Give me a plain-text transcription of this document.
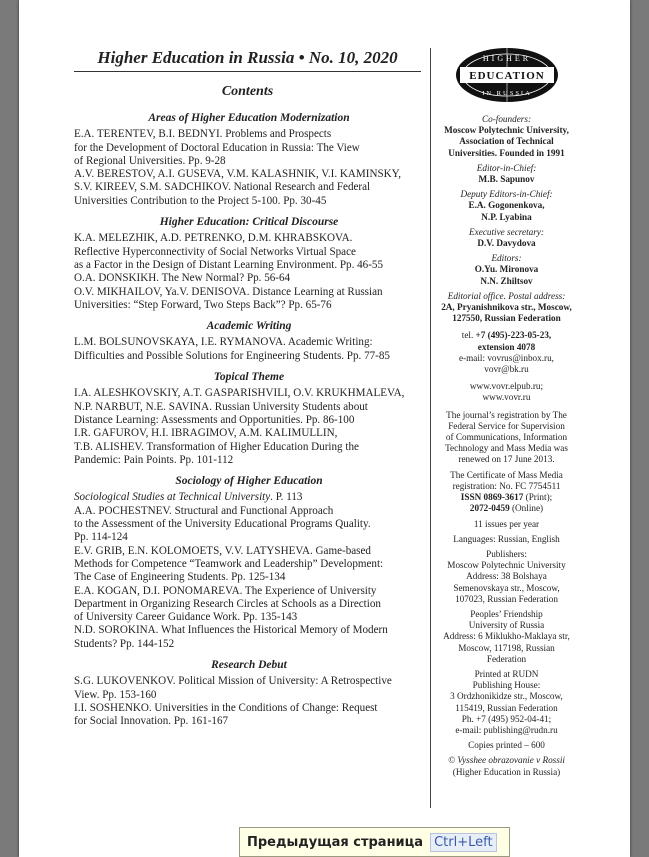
Higher Education in Russia • No. 10, 2020
Contents
Areas of Higher Education Modernization
E.A. TERENTEV, B.I. BEDNYI. Problems and Prospects
for the Development of Doctoral Education in Russia: The View
of Regional Universities. Pp. 9-28
A.V. BERESTOV, A.I. GUSEVA, V.M. KALASHNIK, V.I. KAMINSKY,
S.V. KIREEV, S.M. SADCHIKOV. National Research and Federal
Universities Contribution to the Project 5-100. Pp. 30-45
Higher Education: Critical Discourse
K.A. MELEZHIK, A.D. PETRENKO, D.M. KHRABSKOVA.
Reflective Hyperconnectivity of Social Networks Virtual Space
as a Factor in the Design of Distant Learning Environment. Pp. 46-55
O.A. DONSKIKH. The New Normal? Pp. 56-64
O.V. MIKHAILOV, Ya.V. DENISOVA. Distance Learning at Russian
Universities: “Step Forward, Two Steps Back”? Pp. 65-76
Academic Writing
L.M. BOLSUNOVSKAYA, I.E. RYMANOVA. Academic Writing:
Difficulties and Possible Solutions for Engineering Students. Pp. 77-85
Topical Theme
I.A. ALESHKOVSKIY, A.T. GASPARISHVILI, O.V. KRUKHMALEVA,
N.P. NARBUT, N.E. SAVINA. Russian University Students about
Distance Learning: Assessments and Opportunities. Pp. 86-100
I.R. GAFUROV, H.I. IBRAGIMOV, A.M. KALIMULLIN,
T.B. ALISHEV. Transformation of Higher Education During the
Pandemic: Pain Points. Pp. 101-112
Sociology of Higher Education
Sociological Studies at Technical University. P. 113
A.A. POCHESTNEV. Structural and Functional Approach
to the Assessment of the University Educational Programs Quality.
Pp. 114-124
E.V. GRIB, E.N. KOLOMOETS, V.V. LATYSHEVA. Game-based
Methods for Competence “Teamwork and Leadership” Development:
The Case of Engineering Students. Pp. 125-134
E.A. KOGAN, D.I. PONOMAREVA. The Experience of University
Department in Organizing Research Circles at Schools as a Direction
of University Career Guidance Work. Pp. 135-143
N.D. SOROKINA. What Influences the Historical Memory of Modern
Students? Pp. 144-152
Research Debut
S.G. LUKOVENKOV. Political Mission of University: A Retrospective
View. Pp. 153-160
I.I. SOSHENKO. Universities in the Conditions of Change: Request
for Social Innovation. Pp. 161-167
HIGHER
EDUCATION
IN RUSSIA
Co-founders:
Moscow Polytechnic University,
Association of Technical
Universities. Founded in 1991
Editor-in-Chief:
M.B. Sapunov
Deputy Editors-in-Chief:
E.A. Gogonenkova,
N.P. Lyabina
Executive secretary:
D.V. Davydova
Editors:
O.Yu. Mironova
N.N. Zhiltsov
Editorial office. Postal address:
2A, Pryanishnikova str., Moscow,
127550, Russian Federation
tel. +7 (495)-223-05-23,
extension 4078
e-mail: vovrus@inbox.ru,
vovr@bk.ru
www.vovr.elpub.ru;
www.vovr.ru
The journal’s registration by The
Federal Service for Supervision
of Communications, Information
Technology and Mass Media was
renewed on 17 June 2013.
The Certificate of Mass Media
registration: No. FC 7754511
ISSN 0869-3617 (Print);
2072-0459 (Online)
11 issues per year
Languages: Russian, English
Publishers:
Moscow Polytechnic University
Address: 38 Bolshaya
Semenovskaya str., Moscow,
107023, Russian Federation
Peoples’ Friendship
University of Russia
Address: 6 Miklukho-Maklaya str,
Moscow, 117198, Russian
Federation
Printed at RUDN
Publishing House:
3 Ordzhonikidze str., Moscow,
115419, Russian Federation
Ph. +7 (495) 952-04-41;
e-mail: publishing@rudn.ru
Copies printed – 600
© Vysshee obrazovanie v Rossii
(Higher Education in Russia)
Предыдущая страница Ctrl+Left
